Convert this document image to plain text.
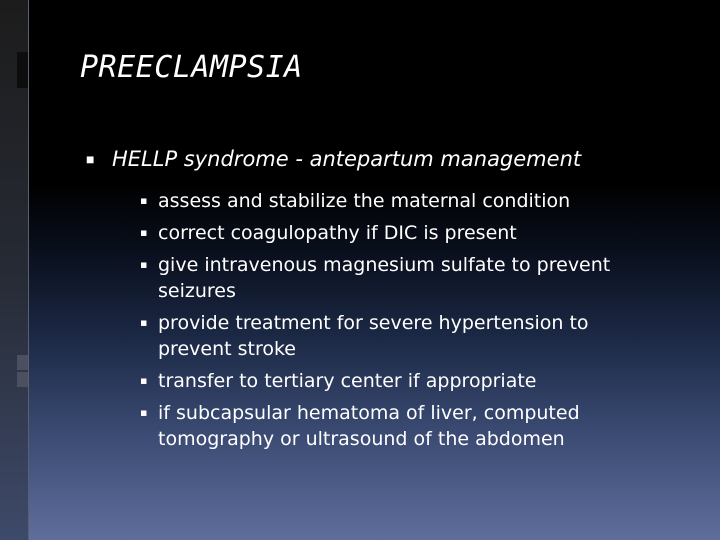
PREECLAMPSIA
■ HELLP syndrome - antepartum management
▪ assess and stabilize the maternal condition
▪ correct coagulopathy if DIC is present
▪ give intravenous magnesium sulfate to prevent seizures
▪ provide treatment for severe hypertension to prevent stroke
▪ transfer to tertiary center if appropriate
▪ if subcapsular hematoma of liver, computed tomography or ultrasound of the abdomen
